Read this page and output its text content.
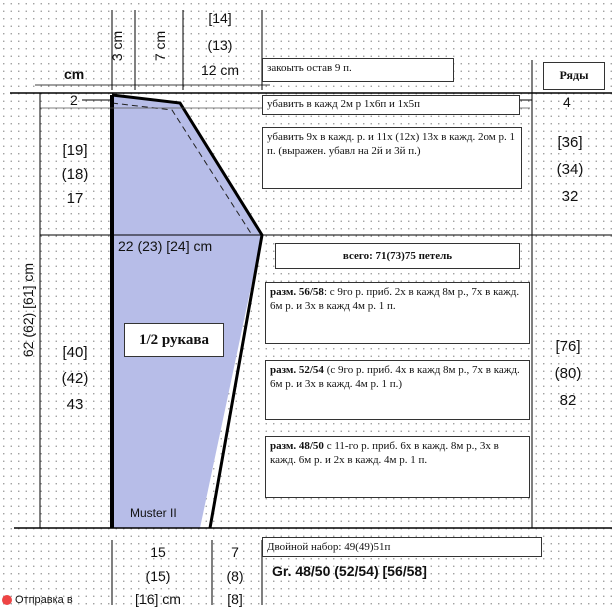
3 cm 7 cm
[14]
(13)
12 cm
cm	закоыть остав 9 п.	Ряды
2	4
убавить в кажд 2м р 1х6п и 1х5п
[19]
(18)
17
[36]
(34)
32
убавить 9х в кажд. р. и 11х (12х) 13х в кажд. 2ом р. 1 п. (выражен. убавл на 2й и 3й п.)
22 (23) [24] cm
всего: 71(73)75 петель
разм. 56/58: с 9го р. приб. 2х в кажд 8м р., 7х в кажд. 6м р. и 3х в кажд 4м р. 1 п.
разм. 52/54 (с 9го р. приб. 4х в кажд 8м р., 7х в кажд. 6м р. и 3х в кажд. 4м р. 1 п.)
разм. 48/50 с 11-го р. приб. 6х в кажд. 8м р., 3х в кажд. 6м р. и 2х в кажд. 4м р. 1 п.
[40]
(42)
43
[76]
(80)
82
62 (62) [61] cm	1/2 рукава
Muster II
Двойной набор: 49(49)51п
15
(15)
[16] cm
7
(8)
[8]
Gr. 48/50 (52/54) [56/58]
Отправка в
